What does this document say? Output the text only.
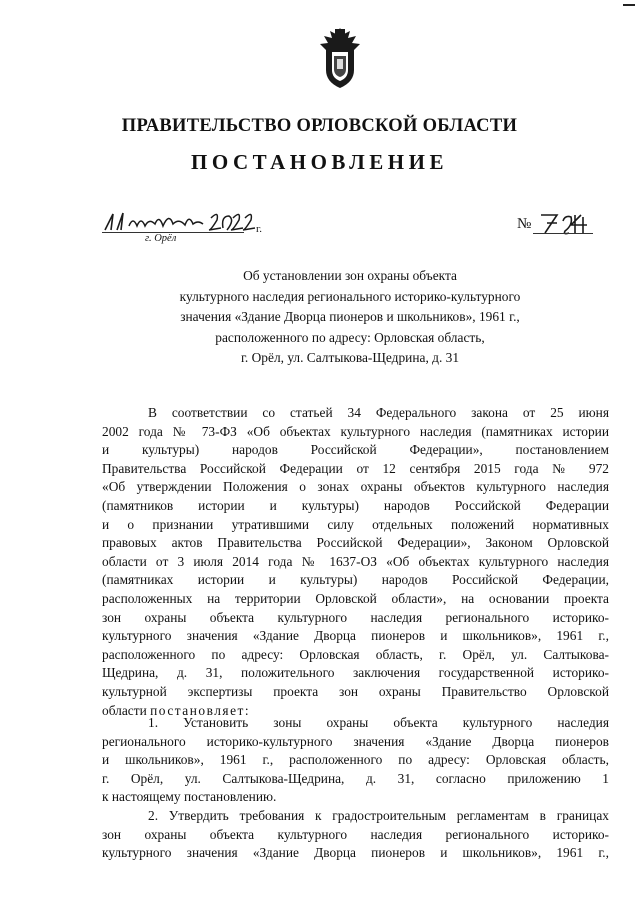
ПРАВИТЕЛЬСТВО ОРЛОВСКОЙ ОБЛАСТИ
ПОСТАНОВЛЕНИЕ
г.
г. Орёл
№
Об установлении зон охраны объекта
культурного наследия регионального историко-культурного
значения «Здание Дворца пионеров и школьников», 1961 г.,
расположенного по адресу: Орловская область,
г. Орёл, ул. Салтыкова-Щедрина, д. 31
В соответствии со статьей 34 Федерального закона от 25 июня
2002 года № 73-ФЗ «Об объектах культурного наследия (памятниках истории
и культуры) народов Российской Федерации», постановлением
Правительства Российской Федерации от 12 сентября 2015 года № 972
«Об утверждении Положения о зонах охраны объектов культурного наследия
(памятников истории и культуры) народов Российской Федерации
и о признании утратившими силу отдельных положений нормативных
правовых актов Правительства Российской Федерации», Законом Орловской
области от 3 июля 2014 года № 1637-ОЗ «Об объектах культурного наследия
(памятниках истории и культуры) народов Российской Федерации,
расположенных на территории Орловской области», на основании проекта
зон охраны объекта культурного наследия регионального историко-
культурного значения «Здание Дворца пионеров и школьников», 1961 г.,
расположенного по адресу: Орловская область, г. Орёл, ул. Салтыкова-
Щедрина, д. 31, положительного заключения государственной историко-
культурной экспертизы проекта зон охраны Правительство Орловской
области постановляет:
1. Установить зоны охраны объекта культурного наследия
регионального историко-культурного значения «Здание Дворца пионеров
и школьников», 1961 г., расположенного по адресу: Орловская область,
г. Орёл, ул. Салтыкова-Щедрина, д. 31, согласно приложению 1
к настоящему постановлению.
2. Утвердить требования к градостроительным регламентам в границах
зон охраны объекта культурного наследия регионального историко-
культурного значения «Здание Дворца пионеров и школьников», 1961 г.,
